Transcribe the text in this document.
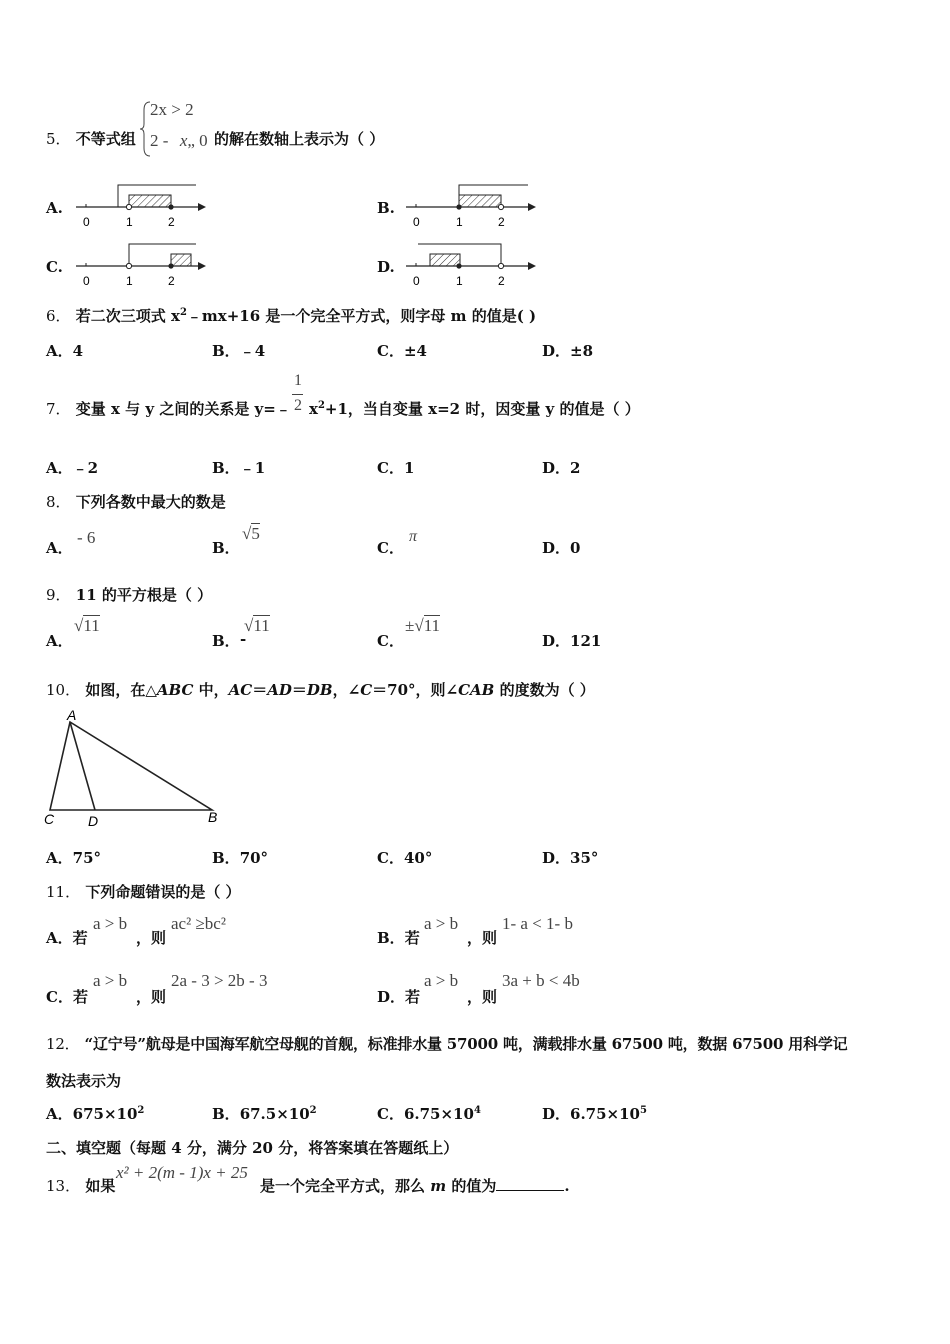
2x > 2
2 - x„ 0
5． 不等式组	的解在数轴上表示为（ ）
A.
0	1	2
B.
0	1	2
C.
0	1	2
D.
0	1	2
6． 若二次三项式 $x^2﹣mx+16$ 是一个完全平方式，则字母 m 的值是( )
A．4	B．﹣4	C．±4	D．±8
7． 变量 x 与 y 之间的关系是 y=﹣
1
2 $x^2+1$，当自变量 x=2 时，因变量 y 的值是（ ）
A．﹣2	B．﹣1	C．1	D．2
8． 下列各数中最大的数是
A．
- 6
B．
√5
C．
π
D．0
9． 11 的平方根是（ ）
A．
√11
B． -
√11
C．
±√11
D．121
10． 如图，在△ABC 中，AC＝AD＝DB，∠C＝70°，则∠CAB 的度数为（ ）
A
C D	B
A．75°	B．70°	C．40°	D．35°
11． 下列命题错误的是（ ）
A．若
a > b
，则
ac² ≥bc²
B．若
a > b
，则
1- a < 1- b
C．若
a > b
，则
2a - 3 > 2b - 3
D．若
a > b
，则
3a + b < 4b
12． “辽宁号”航母是中国海军航空母舰的首舰，标准排水量 57000 吨，满载排水量 67500 吨，数据 67500 用科学记
数法表示为
A．$675\times 10^2$	B．$67.5\times 10^2$	C．$6.75\times 10^4$	D．$6.75\times 10^5$
二、填空题（每题 4 分，满分 20 分，将答案填在答题纸上）
13． 如果
x² + 2(m - 1)x + 25
是一个完全平方式，那么 m 的值为	.
